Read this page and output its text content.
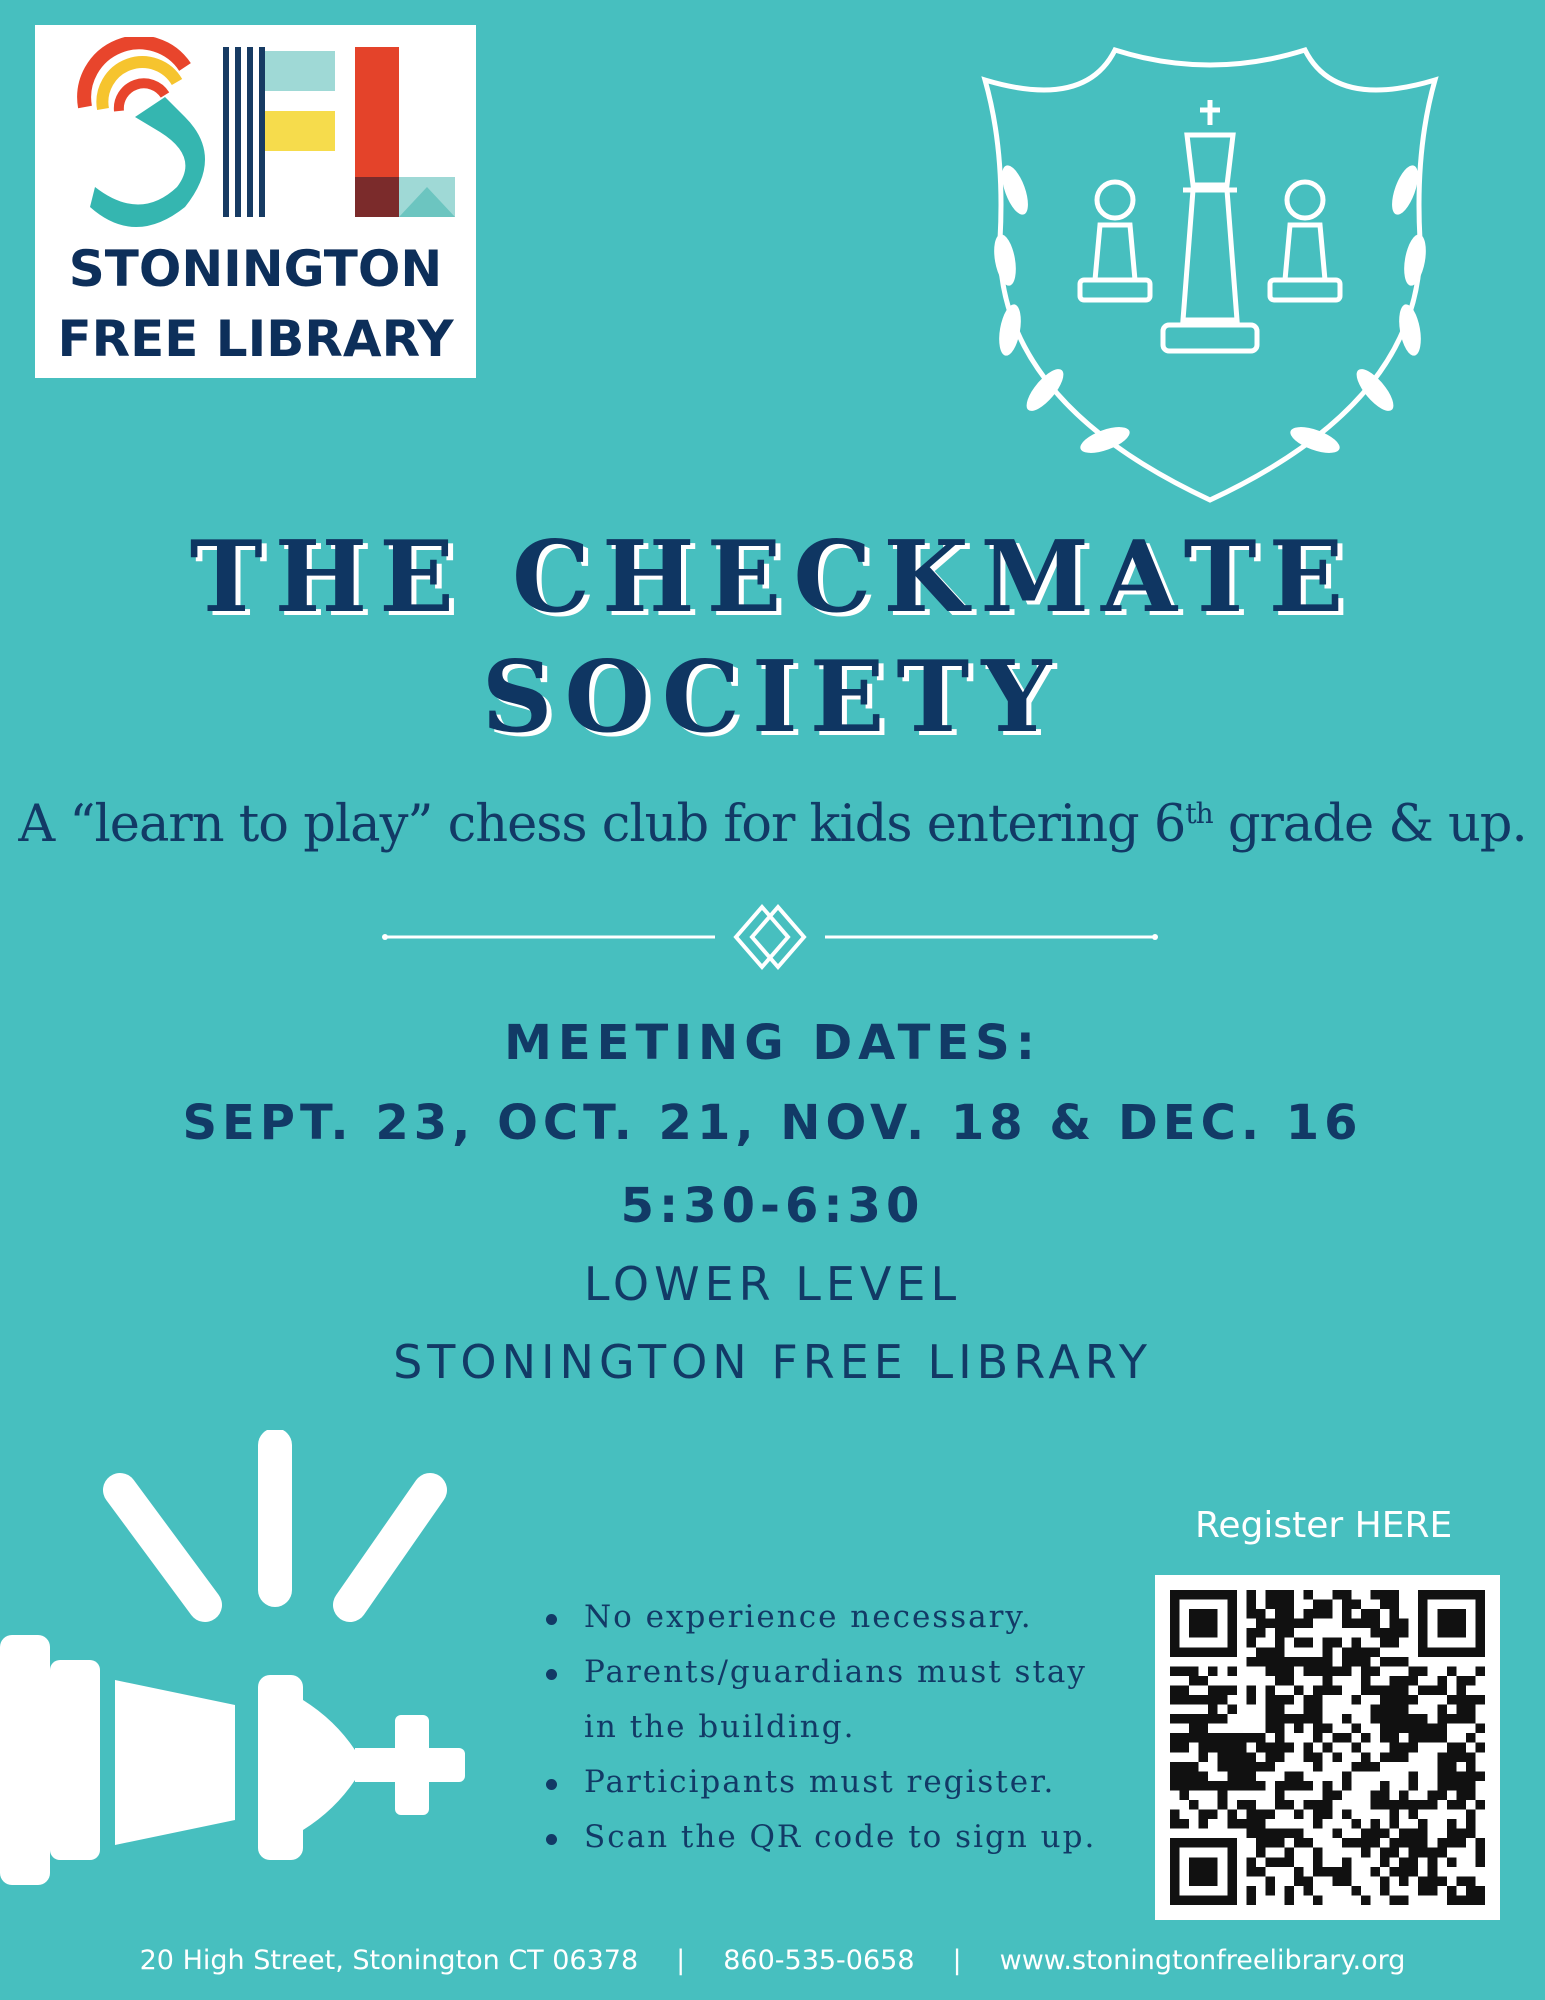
STONINGTON
FREE LIBRARY
THE CHECKMATE
SOCIETY
A “learn to play” chess club for kids entering 6th grade & up.
MEETING DATES:
SEPT. 23, OCT. 21, NOV. 18 & DEC. 16
5:30-6:30
LOWER LEVEL
STONINGTON FREE LIBRARY
No experience necessary.
Parents/guardians must stay in the building.
Participants must register.
Scan the QR code to sign up.
Register HERE
20 High Street, Stonington CT 06378 | 860-535-0658 | www.stoningtonfreelibrary.org
